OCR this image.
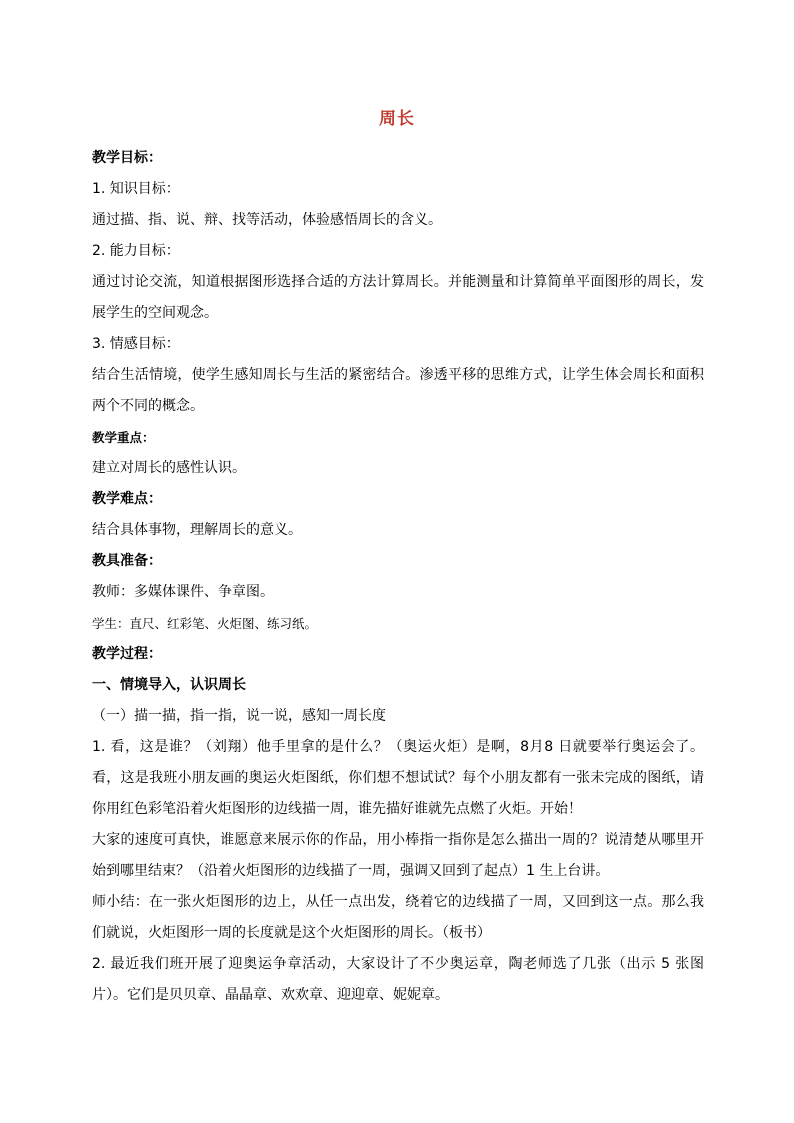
周长
教学目标：
1. 知识目标：
通过描、指、说、辩、找等活动，体验感悟周长的含义。
2. 能力目标：
通过讨论交流，知道根据图形选择合适的方法计算周长。并能测量和计算简单平面图形的周长，发展学生的空间观念。
3. 情感目标：
结合生活情境，使学生感知周长与生活的紧密结合。渗透平移的思维方式，让学生体会周长和面积两个不同的概念。
教学重点：
建立对周长的感性认识。
教学难点：
结合具体事物，理解周长的意义。
教具准备：
教师：多媒体课件、争章图。
学生：直尺、红彩笔、火炬图、练习纸。
教学过程：
一、情境导入，认识周长
（一）描一描，指一指，说一说，感知一周长度
1. 看，这是谁？（刘翔）他手里拿的是什么？（奥运火炬）是啊，8月8 日就要举行奥运会了。看，这是我班小朋友画的奥运火炬图纸，你们想不想试试？每个小朋友都有一张未完成的图纸，请你用红色彩笔沿着火炬图形的边线描一周，谁先描好谁就先点燃了火炬。开始！
大家的速度可真快，谁愿意来展示你的作品，用小棒指一指你是怎么描出一周的？说清楚从哪里开始到哪里结束？（沿着火炬图形的边线描了一周，强调又回到了起点）1 生上台讲。
师小结：在一张火炬图形的边上，从任一点出发，绕着它的边线描了一周，又回到这一点。那么我们就说，火炬图形一周的长度就是这个火炬图形的周长。（板书）
2. 最近我们班开展了迎奥运争章活动，大家设计了不少奥运章，陶老师选了几张（出示 5 张图片）。它们是贝贝章、晶晶章、欢欢章、迎迎章、妮妮章。
